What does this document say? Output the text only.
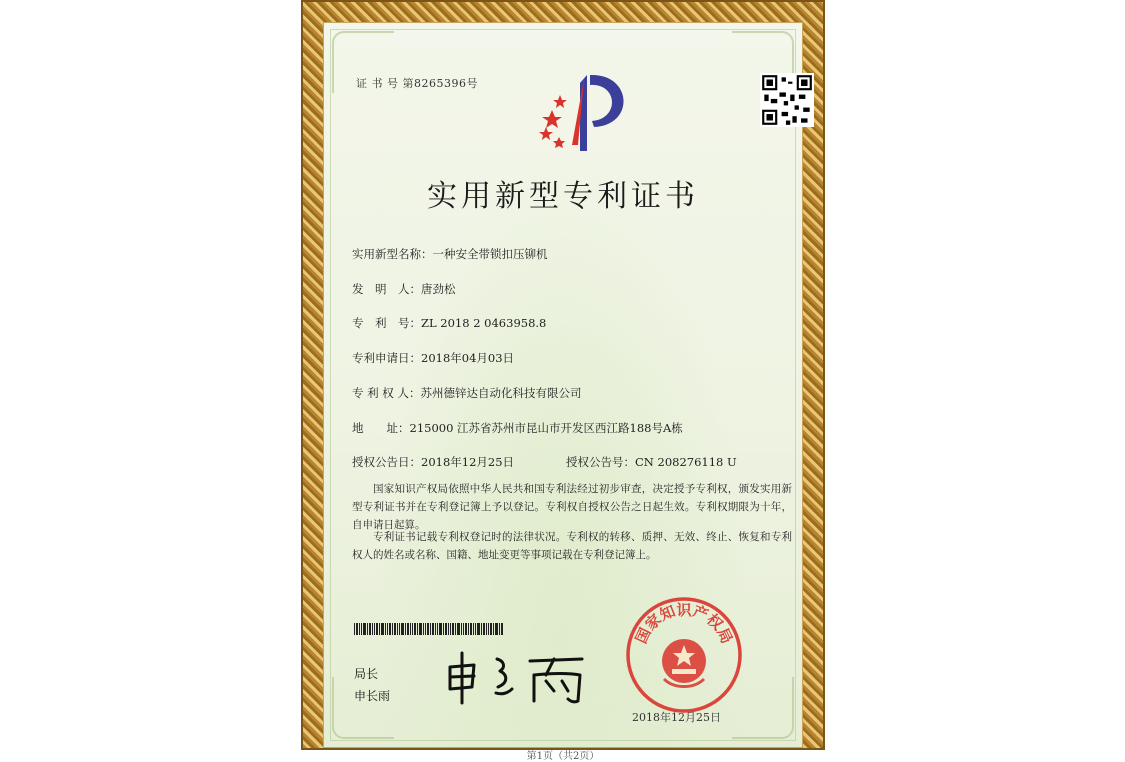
证 书 号 第8265396号
实用新型专利证书
实用新型名称：一种安全带锁扣压铆机
发　明　人：唐劲松
专　利　号：ZL 2018 2 0463958.8
专利申请日：2018年04月03日
专 利 权 人：苏州德锌达自动化科技有限公司
地　　址：215000 江苏省苏州市昆山市开发区西江路188号A栋
授权公告日：2018年12月25日	授权公告号：CN 208276118 U
国家知识产权局依照中华人民共和国专利法经过初步审查，决定授予专利权，颁发实用新型专利证书并在专利登记簿上予以登记。专利权自授权公告之日起生效。专利权期限为十年，自申请日起算。
专利证书记载专利权登记时的法律状况。专利权的转移、质押、无效、终止、恢复和专利权人的姓名或名称、国籍、地址变更等事项记载在专利登记簿上。
局长
申长雨
国家知识产权局
2018年12月25日
第1页（共2页）
